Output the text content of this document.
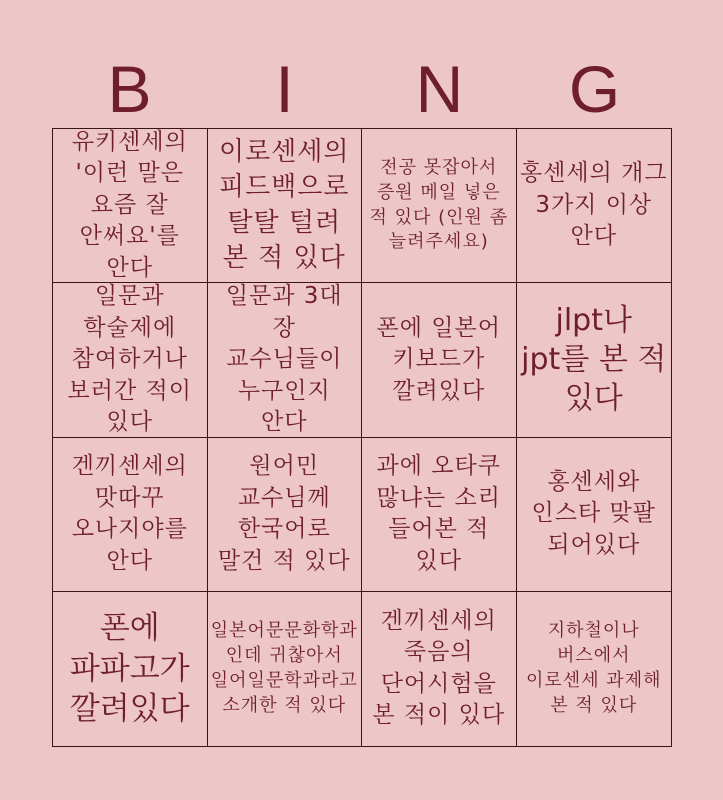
B	I	N	G
유키센세의 '이런 말은 요즘 잘 안써요'를 안다
이로센세의 피드백으로 탈탈 털려 본 적 있다
전공 못잡아서 증원 메일 넣은 적 있다 (인원 좀 늘려주세요)
홍센세의 개그 3가지 이상 안다
일문과 학술제에 참여하거나 보러간 적이 있다
일문과 3대 장 교수님들이 누구인지 안다
폰에 일본어 키보드가 깔려있다
jlpt나 jpt를 본 적 있다
겐끼센세의 맛따꾸 오나지야를 안다
원어민 교수님께 한국어로 말건 적 있다
과에 오타쿠 많냐는 소리 들어본 적 있다
홍센세와 인스타 맞팔 되어있다
폰에 파파고가 깔려있다
일본어문문화학과인데 귀찮아서 일어일문학과라고 소개한 적 있다
겐끼센세의 죽음의 단어시험을 본 적이 있다
지하철이나 버스에서 이로센세 과제해 본 적 있다
